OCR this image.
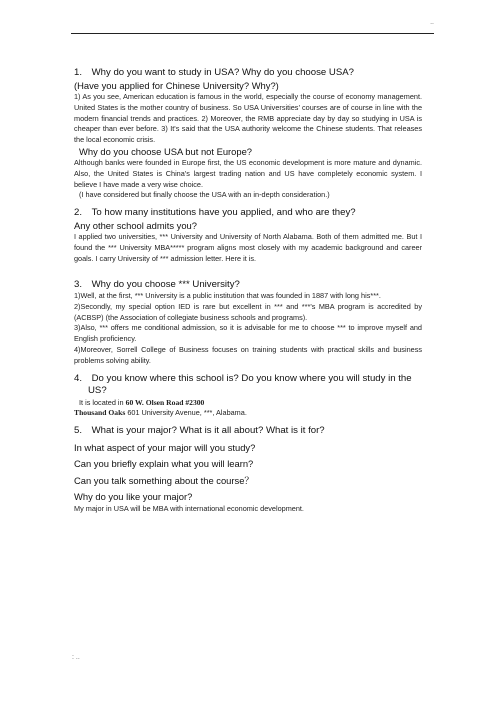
..

1. Why do you want to study in USA? Why do you choose USA?

(Have you applied for Chinese University? Why?)

1) As you see, American education is famous in the world, especially the course of economy management. United States is the mother country of business. So USA Universities’ courses are of course in line with the modern financial trends and practices. 2) Moreover, the RMB appreciate day by day so studying in USA is cheaper than ever before. 3) It's said that the USA authority welcome the Chinese students. That releases the local economic crisis.

Why do you choose USA but not Europe?

Although banks were founded in Europe first, the US economic development is more mature and dynamic. Also, the United States is China's largest trading nation and US have completely economic system. I believe I have made a very wise choice.

(I have considered but finally choose the USA with an in-depth consideration.)

2. To how many institutions have you applied, and who are they?

Any other school admits you?

I applied two universities, *** University and University of North Alabama. Both of them admitted me. But I found the *** University MBA***** program aligns most closely with my academic background and career goals. I carry University of *** admission letter. Here it is.

3. Why do you choose *** University?

1)Well, at the first, *** University is a public institution that was founded in 1887 with long his***.

2)Secondly, my special option IED is rare but excellent in *** and ***'s MBA program is accredited by (ACBSP) (the Association of collegiate business schools and programs).

3)Also, *** offers me conditional admission, so it is advisable for me to choose *** to improve myself and English proficiency.

4)Moreover, Sorrell College of Business focuses on training students with practical skills and business problems solving ability.

4. Do you know where this school is? Do you know where you will study in the US?

It is located in 60 W. Olsen Road #2300

Thousand Oaks 601 University Avenue, ***, Alabama.

5. What is your major? What is it all about? What is it for?

In what aspect of your major will you study?

Can you briefly explain what you will learn?

Can you talk something about the course？

Why do you like your major?

My major in USA will be MBA with international economic development.

: ..
